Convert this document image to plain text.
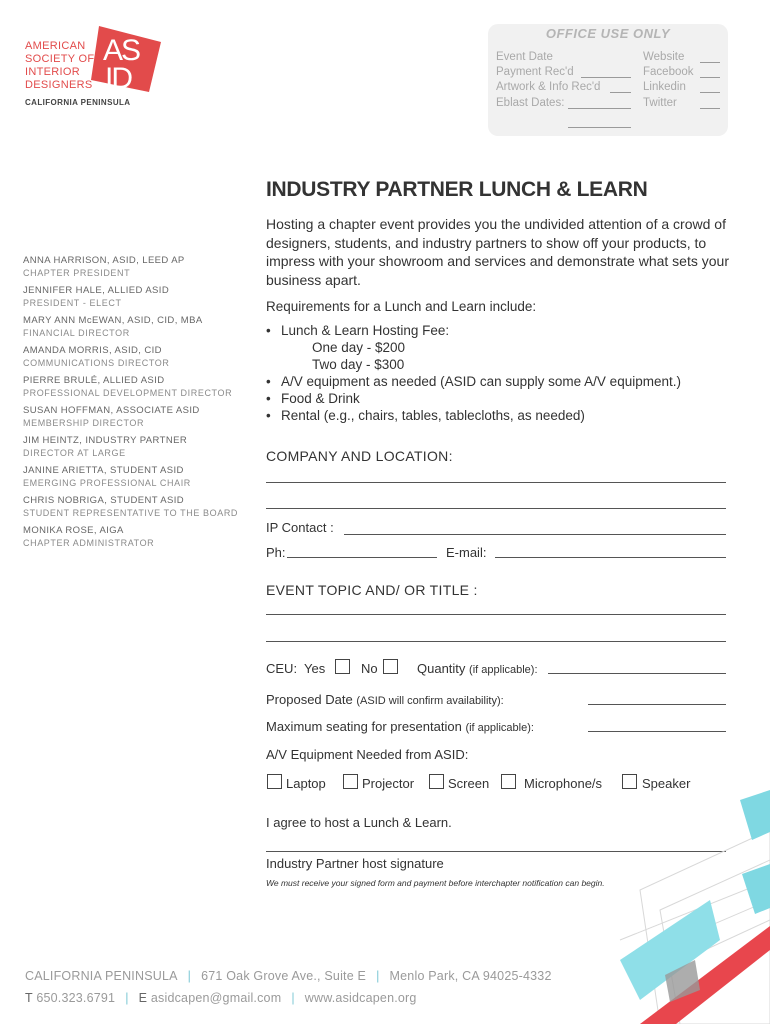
AMERICAN
SOCIETY OF
INTERIOR
DESIGNERS
AS
ID
CALIFORNIA PENINSULA
OFFICE USE ONLY
Event Date
Payment Rec'd
Artwork & Info Rec'd
Eblast Dates:
Website
Facebook
Linkedin
Twitter
ANNA HARRISON, ASID, LEED AP
CHAPTER PRESIDENT
JENNIFER HALE, ALLIED ASID
PRESIDENT - ELECT
MARY ANN McEWAN, ASID, CID, MBA
FINANCIAL DIRECTOR
AMANDA MORRIS, ASID, CID
COMMUNICATIONS DIRECTOR
PIERRE BRULÉ, ALLIED ASID
PROFESSIONAL DEVELOPMENT DIRECTOR
SUSAN HOFFMAN, ASSOCIATE ASID
MEMBERSHIP DIRECTOR
JIM HEINTZ, INDUSTRY PARTNER
DIRECTOR AT LARGE
JANINE ARIETTA, STUDENT ASID
EMERGING PROFESSIONAL CHAIR
CHRIS NOBRIGA, STUDENT ASID
STUDENT REPRESENTATIVE TO THE BOARD
MONIKA ROSE, AIGA
CHAPTER ADMINISTRATOR
INDUSTRY PARTNER LUNCH & LEARN
Hosting a chapter event provides you the undivided attention of a crowd of designers, students, and industry partners to show off your products, to impress with your showroom and services and demonstrate what sets your business apart.
Requirements for a Lunch and Learn include:
• Lunch & Learn Hosting Fee:
One day - $200
Two day - $300
• A/V equipment as needed (ASID can supply some A/V equipment.)
• Food & Drink
• Rental (e.g., chairs, tables, tablecloths, as needed)
COMPANY AND LOCATION:
IP Contact :
Ph:	E-mail:
EVENT TOPIC AND/ OR TITLE :
CEU: Yes	No	Quantity (if applicable):
Proposed Date (ASID will confirm availability):
Maximum seating for presentation (if applicable):
A/V Equipment Needed from ASID:
Laptop	Projector	Screen	Microphone/s	Speaker
I agree to host a Lunch & Learn.
Industry Partner host signature
We must receive your signed form and payment before interchapter notification can begin.
CALIFORNIA PENINSULA | 671 Oak Grove Ave., Suite E | Menlo Park, CA 94025-4332
T 650.323.6791 | E asidcapen@gmail.com | www.asidcapen.org
